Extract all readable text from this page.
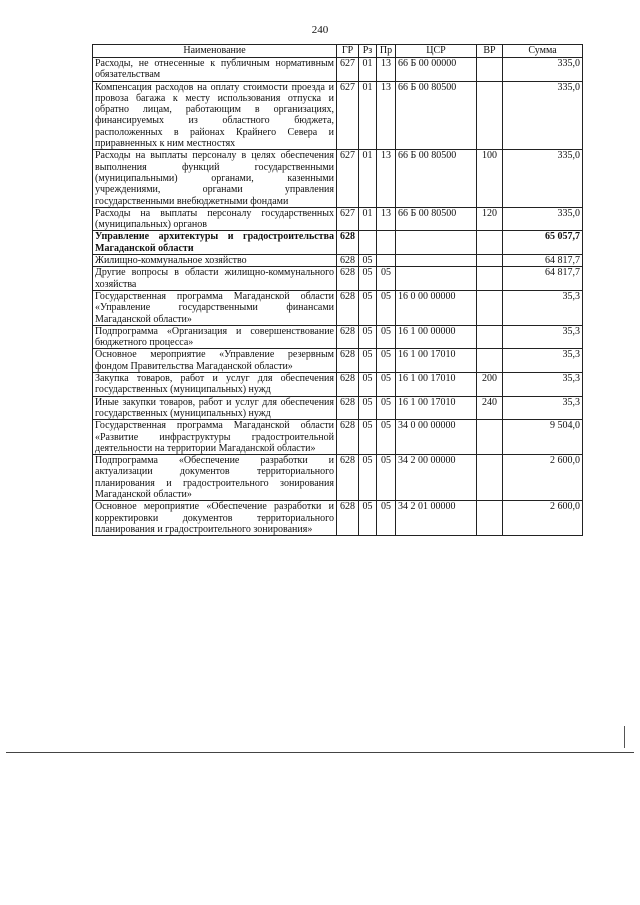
240
Наименование	ГР	Рз	Пр	ЦСР	ВР	Сумма
Расходы, не отнесенные к публичным нормативным обязательствам	627	01	13	66 Б 00 00000		335,0
Компенсация расходов на оплату стоимости проезда и провоза багажа к месту использования отпуска и обратно лицам, работающим в организациях, финансируемых из областного бюджета, расположенных в районах Крайнего Севера и приравненных к ним местностях	627	01	13	66 Б 00 80500		335,0
Расходы на выплаты персоналу в целях обеспечения выполнения функций государственными (муниципальными) органами, казенными учреждениями, органами управления государственными внебюджетными фондами	627	01	13	66 Б 00 80500	100	335,0
Расходы на выплаты персоналу государственных (муниципальных) органов	627	01	13	66 Б 00 80500	120	335,0
Управление архитектуры и градостроительства Магаданской области	628					65 057,7
Жилищно-коммунальное хозяйство	628	05				64 817,7
Другие вопросы в области жилищно-коммунального хозяйства	628	05	05			64 817,7
Государственная программа Магаданской области «Управление государственными финансами Магаданской области»	628	05	05	16 0 00 00000		35,3
Подпрограмма «Организация и совершенствование бюджетного процесса»	628	05	05	16 1 00 00000		35,3
Основное мероприятие «Управление резервным фондом Правительства Магаданской области»	628	05	05	16 1 00 17010		35,3
Закупка товаров, работ и услуг для обеспечения государственных (муниципальных) нужд	628	05	05	16 1 00 17010	200	35,3
Иные закупки товаров, работ и услуг для обеспечения государственных (муниципальных) нужд	628	05	05	16 1 00 17010	240	35,3
Государственная программа Магаданской области «Развитие инфраструктуры градостроительной деятельности на территории Магаданской области»	628	05	05	34 0 00 00000		9 504,0
Подпрограмма «Обеспечение разработки и актуализации документов территориального планирования и градостроительного зонирования Магаданской области»	628	05	05	34 2 00 00000		2 600,0
Основное мероприятие «Обеспечение разработки и корректировки документов территориального планирования и градостроительного зонирования»	628	05	05	34 2 01 00000		2 600,0
